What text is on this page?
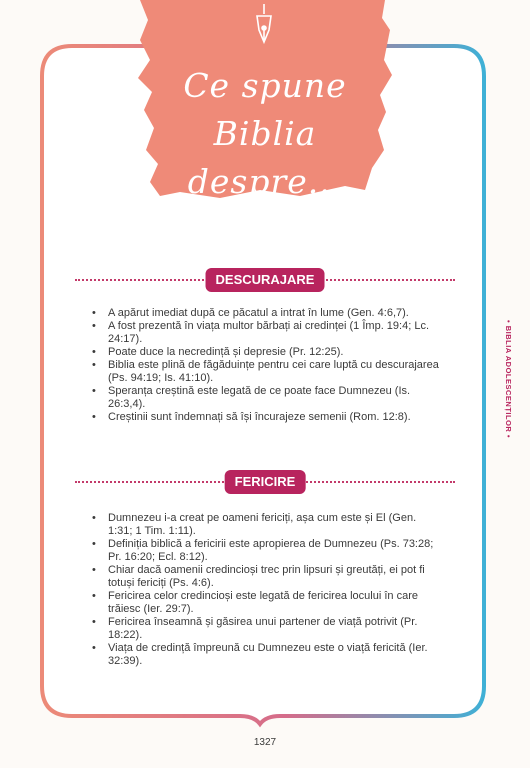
Ce spune Biblia
despre...
DESCURAJARE
• A apărut imediat după ce păcatul a intrat în lume (Gen. 4:6,7).
• A fost prezentă în viața multor bărbați ai credinței (1 Împ. 19:4; Lc. 24:17).
• Poate duce la necredință și depresie (Pr. 12:25).
• Biblia este plină de făgăduințe pentru cei care luptă cu descurajarea (Ps. 94:19; Is. 41:10).
• Speranța creștină este legată de ce poate face Dumnezeu (Is. 26:3,4).
• Creștinii sunt îndemnați să își încurajeze semenii (Rom. 12:8).
FERICIRE
• Dumnezeu i-a creat pe oameni fericiți, așa cum este și El (Gen. 1:31; 1 Tim. 1:11).
• Definiția biblică a fericirii este apropierea de Dumnezeu (Ps. 73:28; Pr. 16:20; Ecl. 8:12).
• Chiar dacă oamenii credincioși trec prin lipsuri și greutăți, ei pot fi totuși fericiți (Ps. 4:6).
• Fericirea celor credincioși este legată de fericirea locului în care trăiesc (Ier. 29:7).
• Fericirea înseamnă și găsirea unui partener de viață potrivit (Pr. 18:22).
• Viața de credință împreună cu Dumnezeu este o viață fericită (Ier. 32:39).
• BIBLIA ADOLESCENȚILOR •
1327
